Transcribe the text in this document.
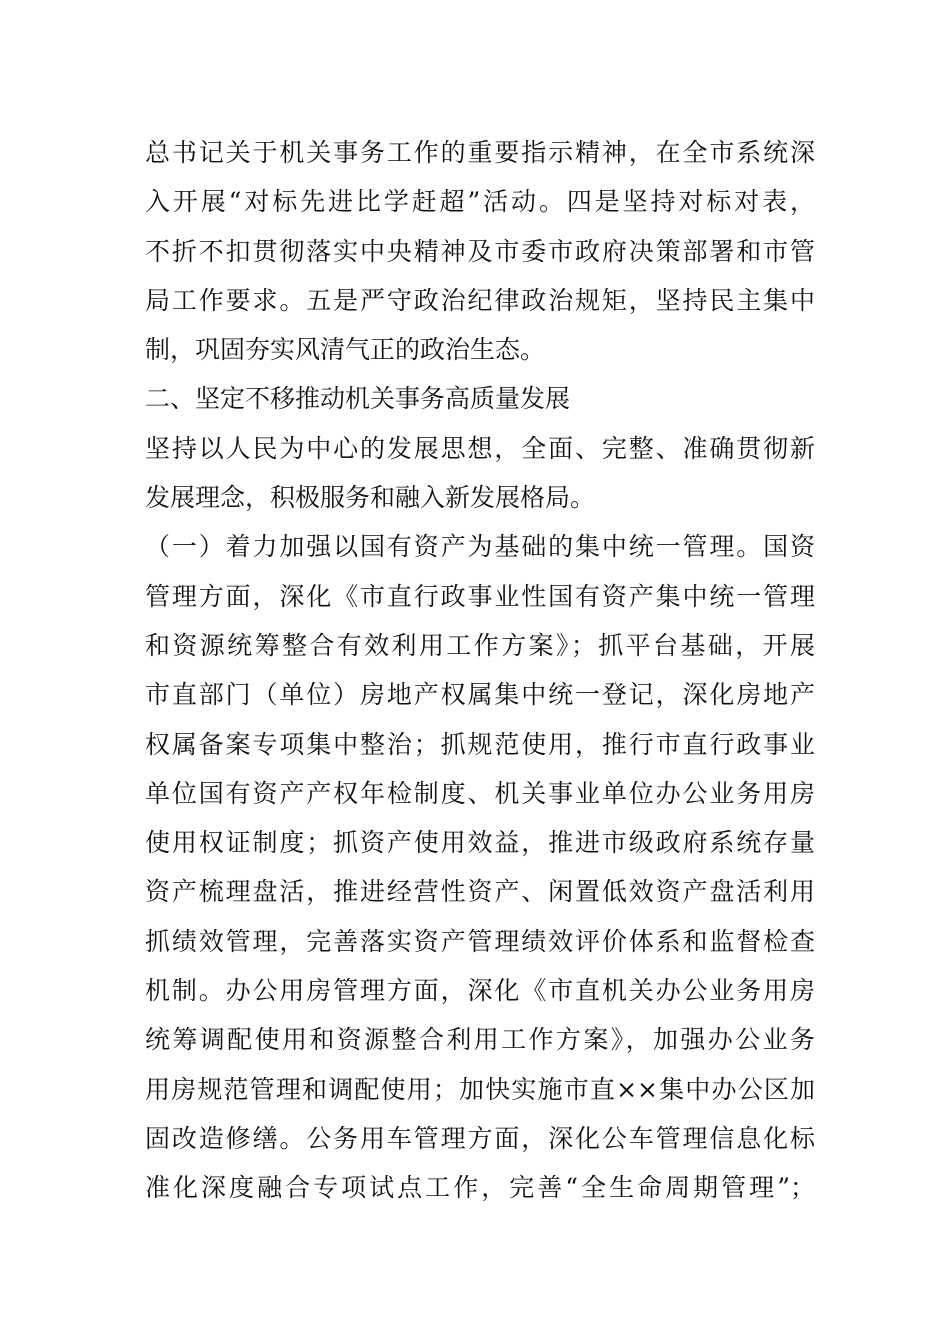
总书记关于机关事务工作的重要指示精神，在全市系统深
入开展“对标先进比学赶超”活动。四是坚持对标对表，
不折不扣贯彻落实中央精神及市委市政府决策部署和市管
局工作要求。五是严守政治纪律政治规矩，坚持民主集中
制，巩固夯实风清气正的政治生态。
二、坚定不移推动机关事务高质量发展
坚持以人民为中心的发展思想，全面、完整、准确贯彻新
发展理念，积极服务和融入新发展格局。
（一）着力加强以国有资产为基础的集中统一管理。国资
管理方面，深化《市直行政事业性国有资产集中统一管理
和资源统筹整合有效利用工作方案》；抓平台基础，开展
市直部门（单位）房地产权属集中统一登记，深化房地产
权属备案专项集中整治；抓规范使用，推行市直行政事业
单位国有资产产权年检制度、机关事业单位办公业务用房
使用权证制度；抓资产使用效益，推进市级政府系统存量
资产梳理盘活，推进经营性资产、闲置低效资产盘活利用
抓绩效管理，完善落实资产管理绩效评价体系和监督检查
机制。办公用房管理方面，深化《市直机关办公业务用房
统筹调配使用和资源整合利用工作方案》，加强办公业务
用房规范管理和调配使用；加快实施市直××集中办公区加
固改造修缮。公务用车管理方面，深化公车管理信息化标
准化深度融合专项试点工作，完善“全生命周期管理”；
